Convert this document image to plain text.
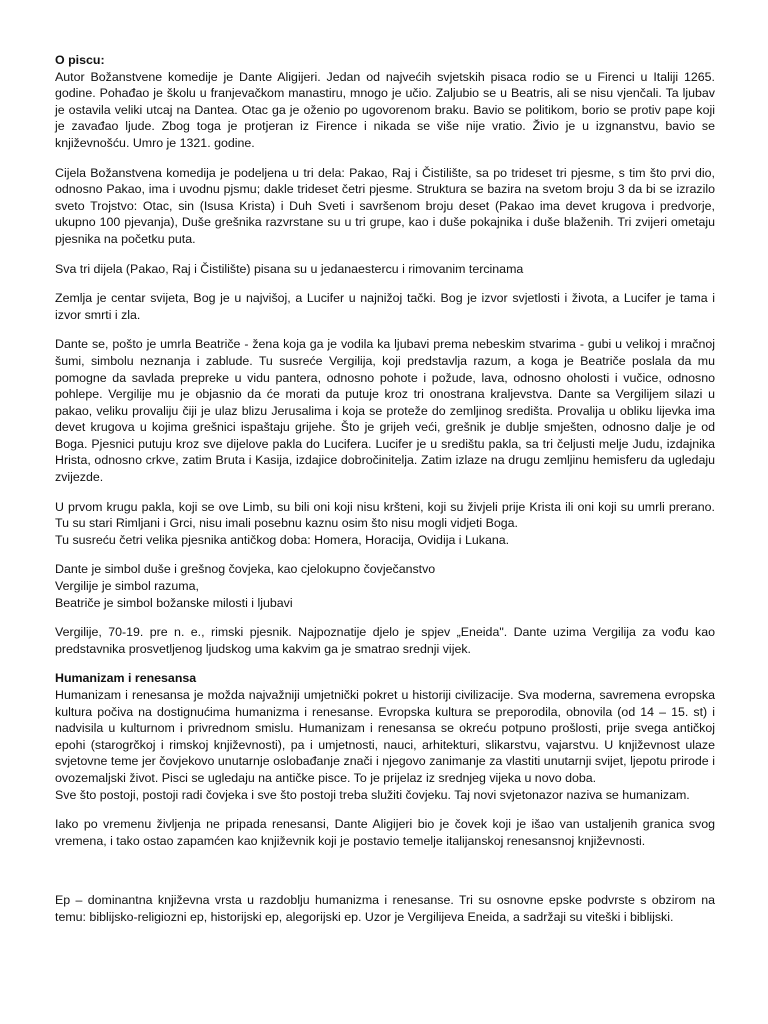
O piscu:
Autor Božanstvene komedije je Dante Aligijeri. Jedan od najvećih svjetskih pisaca rodio se u Firenci u Italiji 1265. godine. Pohađao je školu u franjevačkom manastiru, mnogo je učio. Zaljubio se u Beatris, ali se nisu vjenčali. Ta ljubav je ostavila veliki utcaj na Dantea. Otac ga je oženio po ugovorenom braku. Bavio se politikom, borio se protiv pape koji je zavađao ljude. Zbog toga je protjeran iz Firence i nikada se više nije vratio. Živio je u izgnanstvu, bavio se književnošću. Umro je 1321. godine.
Cijela Božanstvena komedija je podeljena u tri dela: Pakao, Raj i Čistilište, sa po trideset tri pjesme, s tim što prvi dio, odnosno Pakao, ima i uvodnu pjsmu; dakle trideset četri pjesme. Struktura se bazira na svetom broju 3 da bi se izrazilo sveto Trojstvo: Otac, sin (Isusa Krista) i Duh Sveti i savršenom broju deset (Pakao ima devet krugova i predvorje, ukupno 100 pjevanja), Duše grešnika razvrstane su u tri grupe, kao i duše pokajnika i duše blaženih. Tri zvijeri ometaju pjesnika na početku puta.
Sva tri dijela (Pakao, Raj i Čistilište) pisana su u jedanaestercu i rimovanim tercinama
Zemlja je centar svijeta, Bog je u najvišoj, a Lucifer u najnižoj tački. Bog je izvor svjetlosti i života, a Lucifer je tama i izvor smrti i zla.
Dante se, pošto je umrla Beatriče - žena koja ga je vodila ka ljubavi prema nebeskim stvarima - gubi u velikoj i mračnoj šumi, simbolu neznanja i zablude. Tu susreće Vergilija, koji predstavlja razum, a koga je Beatriče poslala da mu pomogne da savlada prepreke u vidu pantera, odnosno pohote i požude, lava, odnosno oholosti i vučice, odnosno pohlepe. Vergilije mu je objasnio da će morati da putuje kroz tri onostrana kraljevstva. Dante sa Vergilijem silazi u pakao, veliku provaliju čiji je ulaz blizu Jerusalima i koja se proteže do zemljinog središta. Provalija u obliku lijevka ima devet krugova u kojima grešnici ispaštaju grijehe. Što je grijeh veći, grešnik je dublje smješten, odnosno dalje je od Boga. Pjesnici putuju kroz sve dijelove pakla do Lucifera. Lucifer je u središtu pakla, sa tri čeljusti melje Judu, izdajnika Hrista, odnosno crkve, zatim Bruta i Kasija, izdajice dobročinitelja. Zatim izlaze na drugu zemljinu hemisferu da ugledaju zvijezde.
U prvom krugu pakla, koji se ove Limb, su bili oni koji nisu kršteni, koji su živjeli prije Krista ili oni koji su umrli prerano. Tu su stari Rimljani i Grci, nisu imali posebnu kaznu osim što nisu mogli vidjeti Boga.
Tu susreću četri velika pjesnika antičkog doba: Homera, Horacija, Ovidija i Lukana.
Dante je simbol duše i grešnog čovjeka, kao cjelokupno čovječanstvo
Vergilije je simbol razuma,
Beatriče je simbol božanske milosti i ljubavi
Vergilije, 70-19. pre n. e., rimski pjesnik. Najpoznatije djelo je spjev „Eneida". Dante uzima Vergilija za vođu kao predstavnika prosvetljenog ljudskog uma kakvim ga je smatrao srednji vijek.
Humanizam i renesansa
Humanizam i renesansa je možda najvažniji umjetnički pokret u historiji civilizacije. Sva moderna, savremena evropska kultura počiva na dostignućima humanizma i renesanse. Evropska kultura se preporodila, obnovila (od 14 – 15. st) i nadvisila u kulturnom i privrednom smislu. Humanizam i renesansa se okreću potpuno prošlosti, prije svega antičkoj epohi (starogrčkoj i rimskoj književnosti), pa i umjetnosti, nauci, arhitekturi, slikarstvu, vajarstvu. U književnost ulaze svjetovne teme jer čovjekovo unutarnje oslobađanje znači i njegovo zanimanje za vlastiti unutarnji svijet, ljepotu prirode i ovozemaljski život. Pisci se ugledaju na antičke pisce. To je prijelaz iz srednjeg vijeka u novo doba.
Sve što postoji, postoji radi čovjeka i sve što postoji treba služiti čovjeku. Taj novi svjetonazor naziva se humanizam.
Iako po vremenu življenja ne pripada renesansi, Dante Aligijeri bio je čovek koji je išao van ustaljenih granica svog vremena, i tako ostao zapamćen kao književnik koji je postavio temelje italijanskoj renesansnoj književnosti.
Ep – dominantna književna vrsta u razdoblju humanizma i renesanse. Tri su osnovne epske podvrste s obzirom na temu: biblijsko-religiozni ep, historijski ep, alegorijski ep. Uzor je Vergilijeva Eneida, a sadržaji su viteški i biblijski.
